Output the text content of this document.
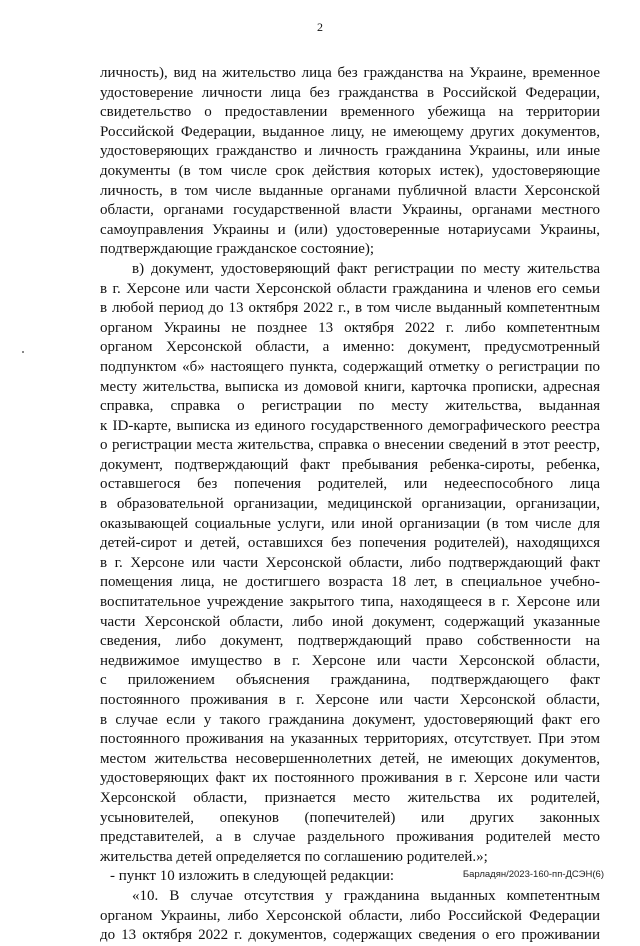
2
личность), вид на жительство лица без гражданства на Украине, временное
удостоверение личности лица без гражданства в Российской Федерации,
свидетельство о предоставлении временного убежища на территории
Российской Федерации, выданное лицу, не имеющему других документов,
удостоверяющих гражданство и личность гражданина Украины, или иные
документы (в том числе срок действия которых истек), удостоверяющие
личность, в том числе выданные органами публичной власти Херсонской
области, органами государственной власти Украины, органами местного
самоуправления Украины и (или) удостоверенные нотариусами Украины,
подтверждающие гражданское состояние);
в) документ, удостоверяющий факт регистрации по месту жительства
в г. Херсоне или части Херсонской области гражданина и членов его семьи
в любой период до 13 октября 2022 г., в том числе выданный компетентным
органом Украины не позднее 13 октября 2022 г. либо компетентным
органом Херсонской области, а именно: документ, предусмотренный
подпунктом «б» настоящего пункта, содержащий отметку о регистрации по
месту жительства, выписка из домовой книги, карточка прописки, адресная
справка, справка о регистрации по месту жительства, выданная
к ID-карте, выписка из единого государственного демографического реестра
о регистрации места жительства, справка о внесении сведений в этот реестр,
документ, подтверждающий факт пребывания ребенка-сироты, ребенка,
оставшегося без попечения родителей, или недееспособного лица
в образовательной организации, медицинской организации, организации,
оказывающей социальные услуги, или иной организации (в том числе для
детей-сирот и детей, оставшихся без попечения родителей), находящихся
в г. Херсоне или части Херсонской области, либо подтверждающий факт
помещения лица, не достигшего возраста 18 лет, в специальное учебно-
воспитательное учреждение закрытого типа, находящееся в г. Херсоне или
части Херсонской области, либо иной документ, содержащий указанные
сведения, либо документ, подтверждающий право собственности на
недвижимое имущество в г. Херсоне или части Херсонской области,
с приложением объяснения гражданина, подтверждающего факт
постоянного проживания в г. Херсоне или части Херсонской области,
в случае если у такого гражданина документ, удостоверяющий факт его
постоянного проживания на указанных территориях, отсутствует. При этом
местом жительства несовершеннолетних детей, не имеющих документов,
удостоверяющих факт их постоянного проживания в г. Херсоне или части
Херсонской области, признается место жительства их родителей,
усыновителей, опекунов (попечителей) или других законных
представителей, а в случае раздельного проживания родителей место
жительства детей определяется по соглашению родителей.»;
- пункт 10 изложить в следующей редакции:
«10. В случае отсутствия у гражданина выданных компетентным
органом Украины, либо Херсонской области, либо Российской Федерации
до 13 октября 2022 г. документов, содержащих сведения о его проживании
Барладян/2023-160-пп-ДСЭН(6)
